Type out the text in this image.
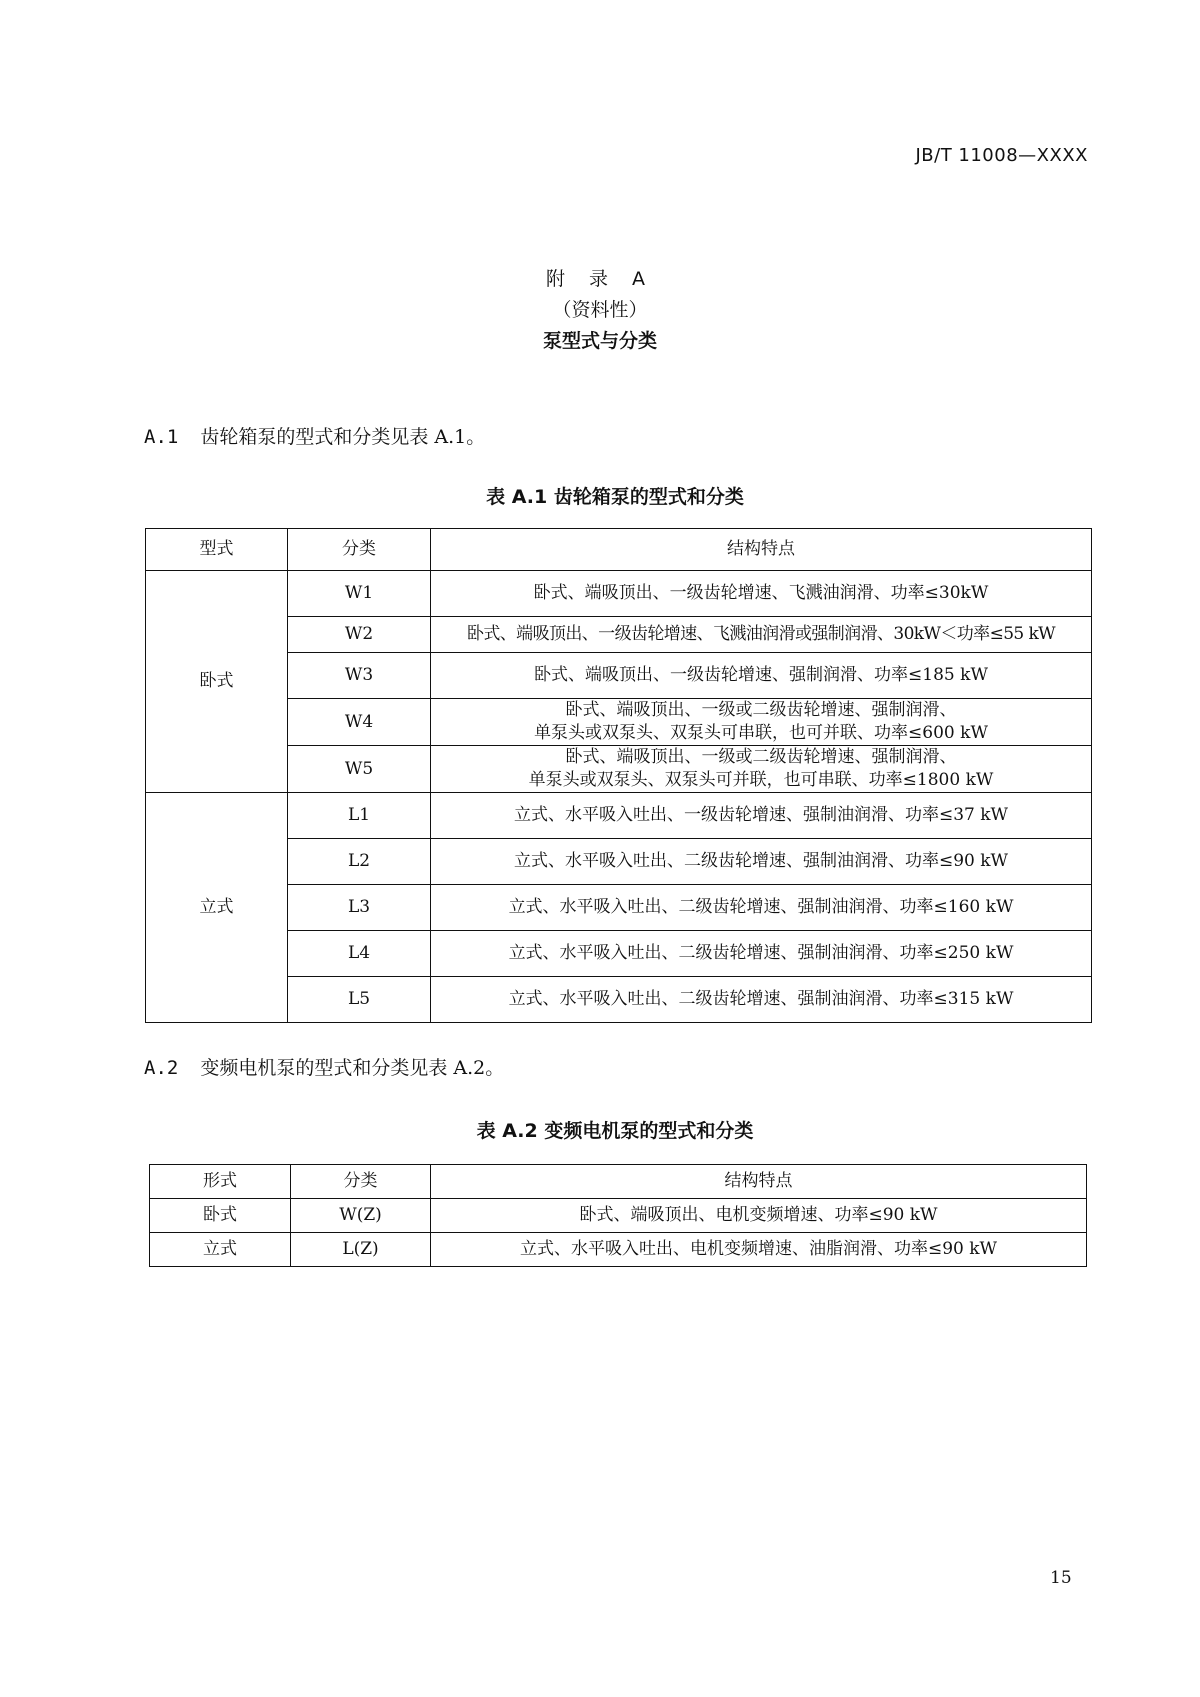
JB/T 11008—XXXX
附 录 A
（资料性）
泵型式与分类
A.1 齿轮箱泵的型式和分类见表 A.1。
表 A.1 齿轮箱泵的型式和分类
型式	分类	结构特点
卧式	W1	卧式、端吸顶出、一级齿轮增速、飞溅油润滑、功率≤30kW
	W2	卧式、端吸顶出、一级齿轮增速、飞溅油润滑或强制润滑、30kW＜功率≤55 kW
	W3	卧式、端吸顶出、一级齿轮增速、强制润滑、功率≤185 kW
	W4	卧式、端吸顶出、一级或二级齿轮增速、强制润滑、
单泵头或双泵头、双泵头可串联，也可并联、功率≤600 kW

	W5	卧式、端吸顶出、一级或二级齿轮增速、强制润滑、
单泵头或双泵头、双泵头可并联，也可串联、功率≤1800 kW

立式	L1	立式、水平吸入吐出、一级齿轮增速、强制油润滑、功率≤37 kW
	L2	立式、水平吸入吐出、二级齿轮增速、强制油润滑、功率≤90 kW
	L3	立式、水平吸入吐出、二级齿轮增速、强制油润滑、功率≤160 kW
	L4	立式、水平吸入吐出、二级齿轮增速、强制油润滑、功率≤250 kW
	L5	立式、水平吸入吐出、二级齿轮增速、强制油润滑、功率≤315 kW
A.2 变频电机泵的型式和分类见表 A.2。
表 A.2 变频电机泵的型式和分类
形式	分类	结构特点
卧式	W(Z)	卧式、端吸顶出、电机变频增速、功率≤90 kW
立式	L(Z)	立式、水平吸入吐出、电机变频增速、油脂润滑、功率≤90 kW
15
